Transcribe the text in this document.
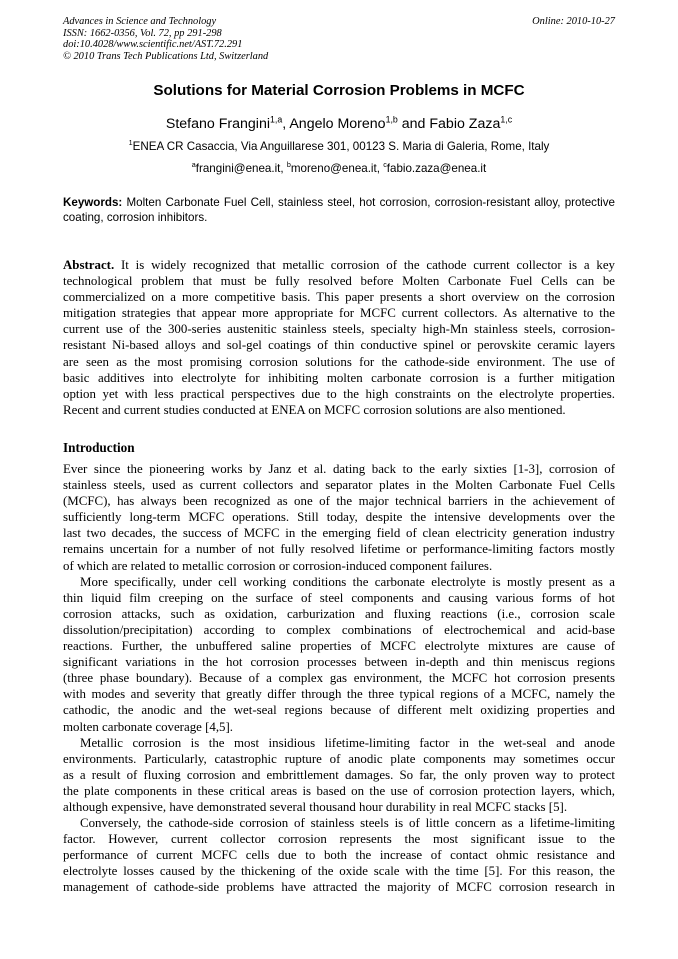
Advances in Science and Technology
ISSN: 1662-0356, Vol. 72, pp 291-298
doi:10.4028/www.scientific.net/AST.72.291
© 2010 Trans Tech Publications Ltd, Switzerland
Online: 2010-10-27
Solutions for Material Corrosion Problems in MCFC
Stefano Frangini$^{1,a}$, Angelo Moreno$^{1,b}$ and Fabio Zaza$^{1,c}$
$^1$ENEA CR Casaccia, Via Anguillarese 301, 00123 S. Maria di Galeria, Rome, Italy
$^a$frangini@enea.it, $^b$moreno@enea.it, $^c$fabio.zaza@enea.it
Keywords: Molten Carbonate Fuel Cell, stainless steel, hot corrosion, corrosion-resistant alloy, protective coating, corrosion inhibitors.
Abstract. It is widely recognized that metallic corrosion of the cathode current collector is a key
technological problem that must be fully resolved before Molten Carbonate Fuel Cells can be
commercialized on a more competitive basis. This paper presents a short overview on the corrosion
mitigation strategies that appear more appropriate for MCFC current collectors. As alternative to the
current use of the 300-series austenitic stainless steels, specialty high-Mn stainless steels, corrosion-
resistant Ni-based alloys and sol-gel coatings of thin conductive spinel or perovskite ceramic layers
are seen as the most promising corrosion solutions for the cathode-side environment. The use of
basic additives into electrolyte for inhibiting molten carbonate corrosion is a further mitigation
option yet with less practical perspectives due to the high constraints on the electrolyte properties.
Recent and current studies conducted at ENEA on MCFC corrosion solutions are also mentioned.
Introduction
Ever since the pioneering works by Janz et al. dating back to the early sixties [1-3], corrosion of
stainless steels, used as current collectors and separator plates in the Molten Carbonate Fuel Cells
(MCFC), has always been recognized as one of the major technical barriers in the achievement of
sufficiently long-term MCFC operations. Still today, despite the intensive developments over the
last two decades, the success of MCFC in the emerging field of clean electricity generation industry
remains uncertain for a number of not fully resolved lifetime or performance-limiting factors mostly
of which are related to metallic corrosion or corrosion-induced component failures.
More specifically, under cell working conditions the carbonate electrolyte is mostly present as a
thin liquid film creeping on the surface of steel components and causing various forms of hot
corrosion attacks, such as oxidation, carburization and fluxing reactions (i.e., corrosion scale
dissolution/precipitation) according to complex combinations of electrochemical and acid-base
reactions. Further, the unbuffered saline properties of MCFC electrolyte mixtures are cause of
significant variations in the hot corrosion processes between in-depth and thin meniscus regions
(three phase boundary). Because of a complex gas environment, the MCFC hot corrosion presents
with modes and severity that greatly differ through the three typical regions of a MCFC, namely the
cathodic, the anodic and the wet-seal regions because of different melt oxidizing properties and
molten carbonate coverage [4,5].
Metallic corrosion is the most insidious lifetime-limiting factor in the wet-seal and anode
environments. Particularly, catastrophic rupture of anodic plate components may sometimes occur
as a result of fluxing corrosion and embrittlement damages. So far, the only proven way to protect
the plate components in these critical areas is based on the use of corrosion protection layers, which,
although expensive, have demonstrated several thousand hour durability in real MCFC stacks [5].
Conversely, the cathode-side corrosion of stainless steels is of little concern as a lifetime-limiting
factor. However, current collector corrosion represents the most significant issue to the
performance of current MCFC cells due to both the increase of contact ohmic resistance and
electrolyte losses caused by the thickening of the oxide scale with the time [5]. For this reason, the
management of cathode-side problems have attracted the majority of MCFC corrosion research in
